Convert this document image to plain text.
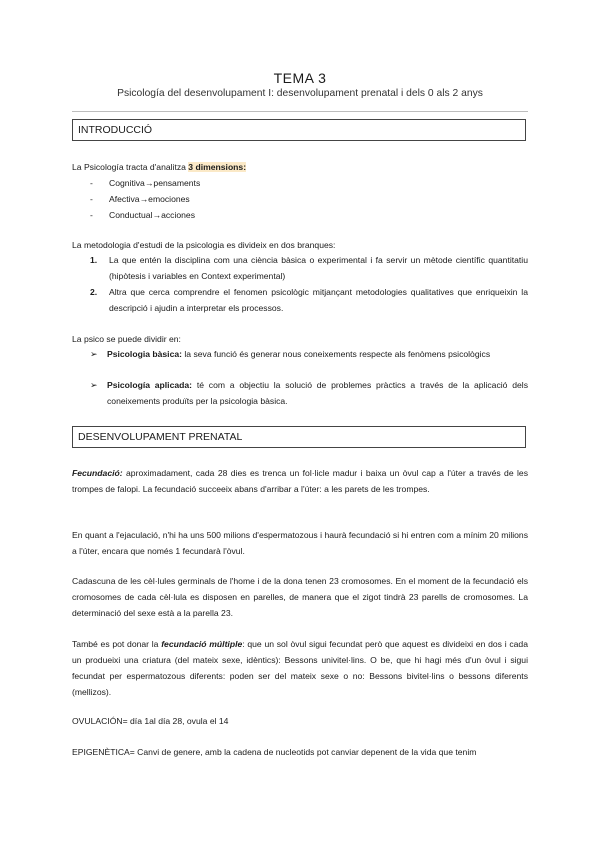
TEMA 3
Psicología del desenvolupament I: desenvolupament prenatal i dels 0 als 2 anys
INTRODUCCIÓ
La Psicología tracta d'analitza 3 dimensions:
- Cognitiva→pensaments
- Afectiva→emociones
- Conductual→acciones
La metodologia d'estudi de la psicologia es divideix en dos branques:
1. La que entén la disciplina com una ciència bàsica o experimental i fa servir un mètode científic quantitatiu (hipòtesis i variables en Context experimental)
2. Altra que cerca comprendre el fenomen psicològic mitjançant metodologies qualitatives que enriqueixin la descripció i ajudin a interpretar els processos.
La psico se puede dividir en:
➢ Psicologia bàsica: la seva funció és generar nous coneixements respecte als fenòmens psicològics
➢ Psicología aplicada: té com a objectiu la solució de problemes pràctics a través de la aplicació dels coneixements produïts per la psicologia bàsica.
DESENVOLUPAMENT PRENATAL
Fecundació: aproximadament, cada 28 dies es trenca un fol·licle madur i baixa un òvul cap a l'úter a través de les trompes de falopi. La fecundació succeeix abans d'arribar a l'úter: a les parets de les trompes.
En quant a l'ejaculació, n'hi ha uns 500 milions d'espermatozous i haurà fecundació si hi entren com a mínim 20 milions a l'úter, encara que només 1 fecundarà l'òvul.
Cadascuna de les cèl·lules germinals de l'home i de la dona tenen 23 cromosomes. En el moment de la fecundació els cromosomes de cada cèl·lula es disposen en parelles, de manera que el zigot tindrà 23 parells de cromosomes. La determinació del sexe està a la parella 23.
També es pot donar la fecundació múltiple: que un sol òvul sigui fecundat però que aquest es divideixi en dos i cada un produeixi una criatura (del mateix sexe, idèntics): Bessons univitel·lins. O be, que hi hagi més d'un òvul i sigui fecundat per espermatozous diferents: poden ser del mateix sexe o no: Bessons bivitel·lins o bessons diferents (mellizos).
OVULACIÓN= día 1al día 28, ovula el 14
EPIGENÈTICA= Canvi de genere, amb la cadena de nucleotids pot canviar depenent de la vida que tenim
